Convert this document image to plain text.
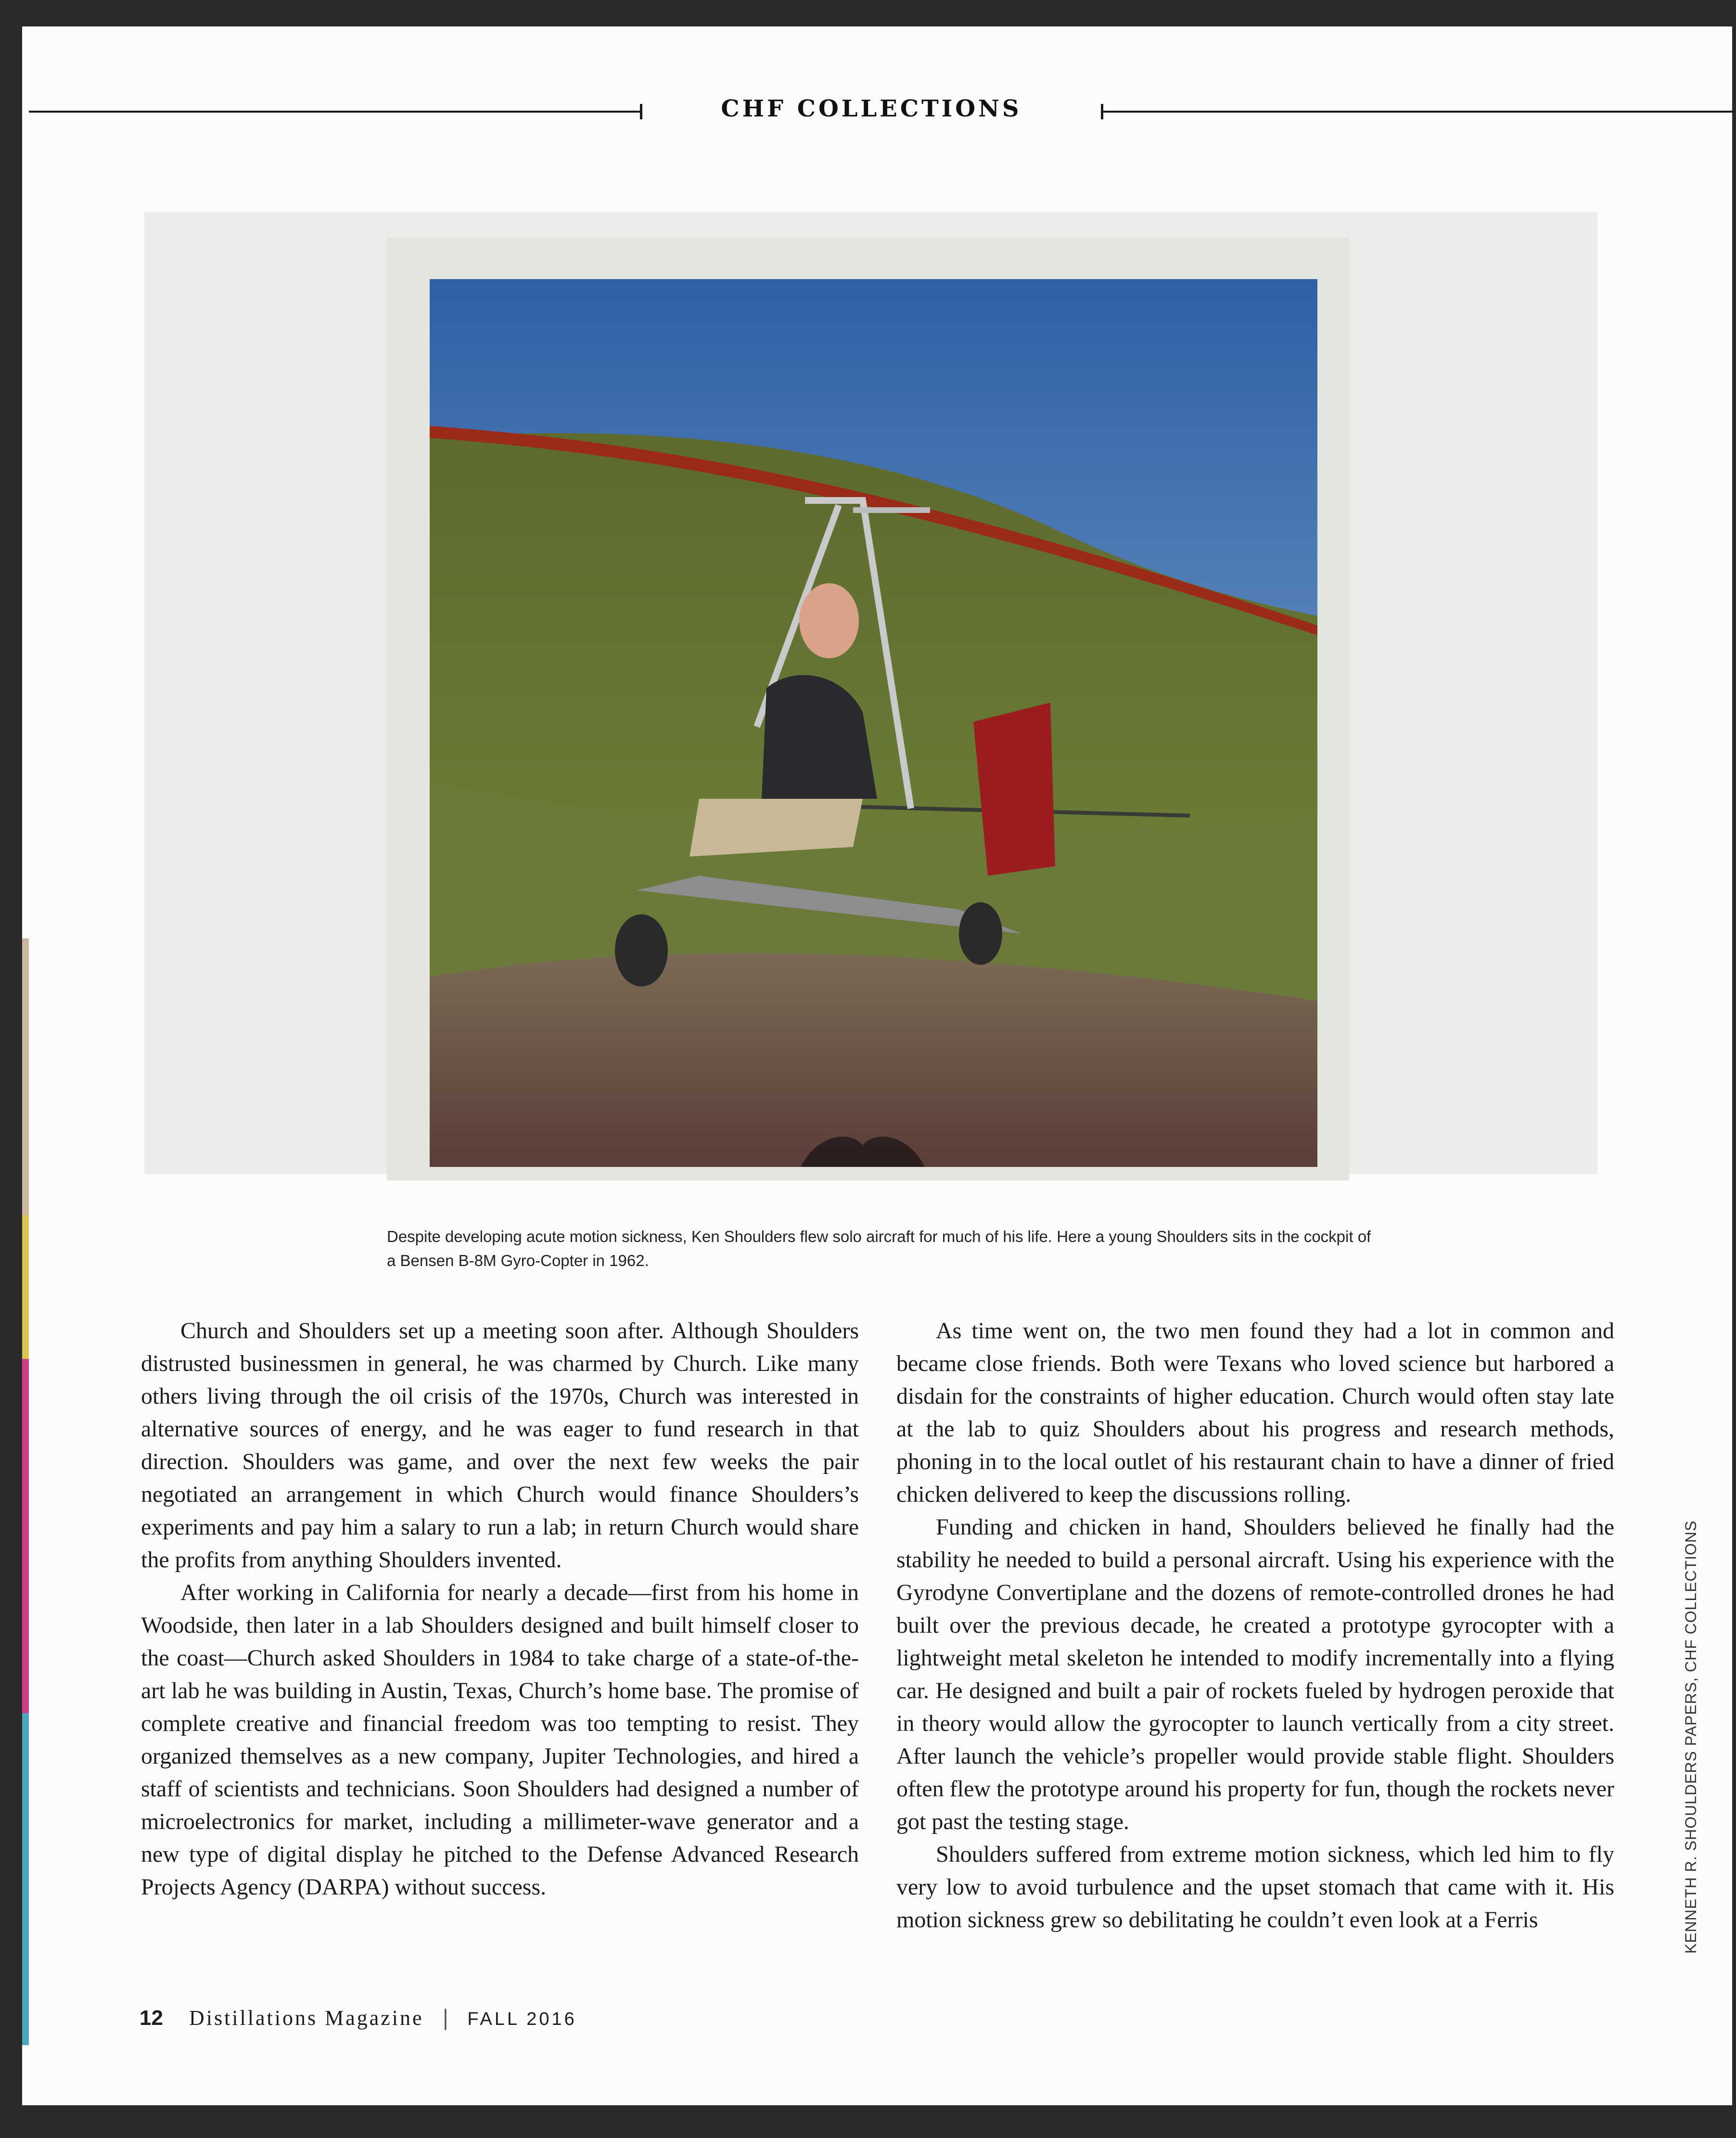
CHF COLLECTIONS
Despite developing acute motion sickness, Ken Shoulders flew solo aircraft for much of his life. Here a young Shoulders sits in the cockpit of a Bensen B-8M Gyro-Copter in 1962.

Church and Shoulders set up a meeting soon after. Although Shoulders distrusted businessmen in general, he was charmed by Church. Like many others living through the oil crisis of the 1970s, Church was interested in alternative sources of energy, and he was eager to fund research in that direction. Shoulders was game, and over the next few weeks the pair negotiated an arrangement in which Church would finance Shoulders’s experiments and pay him a salary to run a lab; in return Church would share the profits from anything Shoulders invented.

After working in California for nearly a decade—first from his home in Woodside, then later in a lab Shoulders designed and built himself closer to the coast—Church asked Shoulders in 1984 to take charge of a state-of-the-art lab he was building in Austin, Texas, Church’s home base. The promise of complete creative and financial freedom was too tempting to resist. They organized themselves as a new company, Jupiter Technologies, and hired a staff of scientists and technicians. Soon Shoulders had designed a number of microelectronics for market, including a millimeter-wave generator and a new type of digital display he pitched to the Defense Advanced Research Projects Agency (DARPA) without success.

As time went on, the two men found they had a lot in common and became close friends. Both were Texans who loved science but harbored a disdain for the constraints of higher education. Church would often stay late at the lab to quiz Shoulders about his progress and research methods, phoning in to the local outlet of his restaurant chain to have a dinner of fried chicken delivered to keep the discussions rolling.

Funding and chicken in hand, Shoulders believed he finally had the stability he needed to build a personal aircraft. Using his experience with the Gyrodyne Convertiplane and the dozens of remote-controlled drones he had built over the previous decade, he created a prototype gyrocopter with a lightweight metal skeleton he intended to modify incrementally into a flying car. He designed and built a pair of rockets fueled by hydrogen peroxide that in theory would allow the gyrocopter to launch vertically from a city street. After launch the vehicle’s propeller would provide stable flight. Shoulders often flew the prototype around his property for fun, though the rockets never got past the testing stage.

Shoulders suffered from extreme motion sickness, which led him to fly very low to avoid turbulence and the upset stomach that came with it. His motion sickness grew so debilitating he couldn’t even look at a Ferris

12 Distillations Magazine | FALL 2016
KENNETH R. SHOULDERS PAPERS, CHF COLLECTIONS
